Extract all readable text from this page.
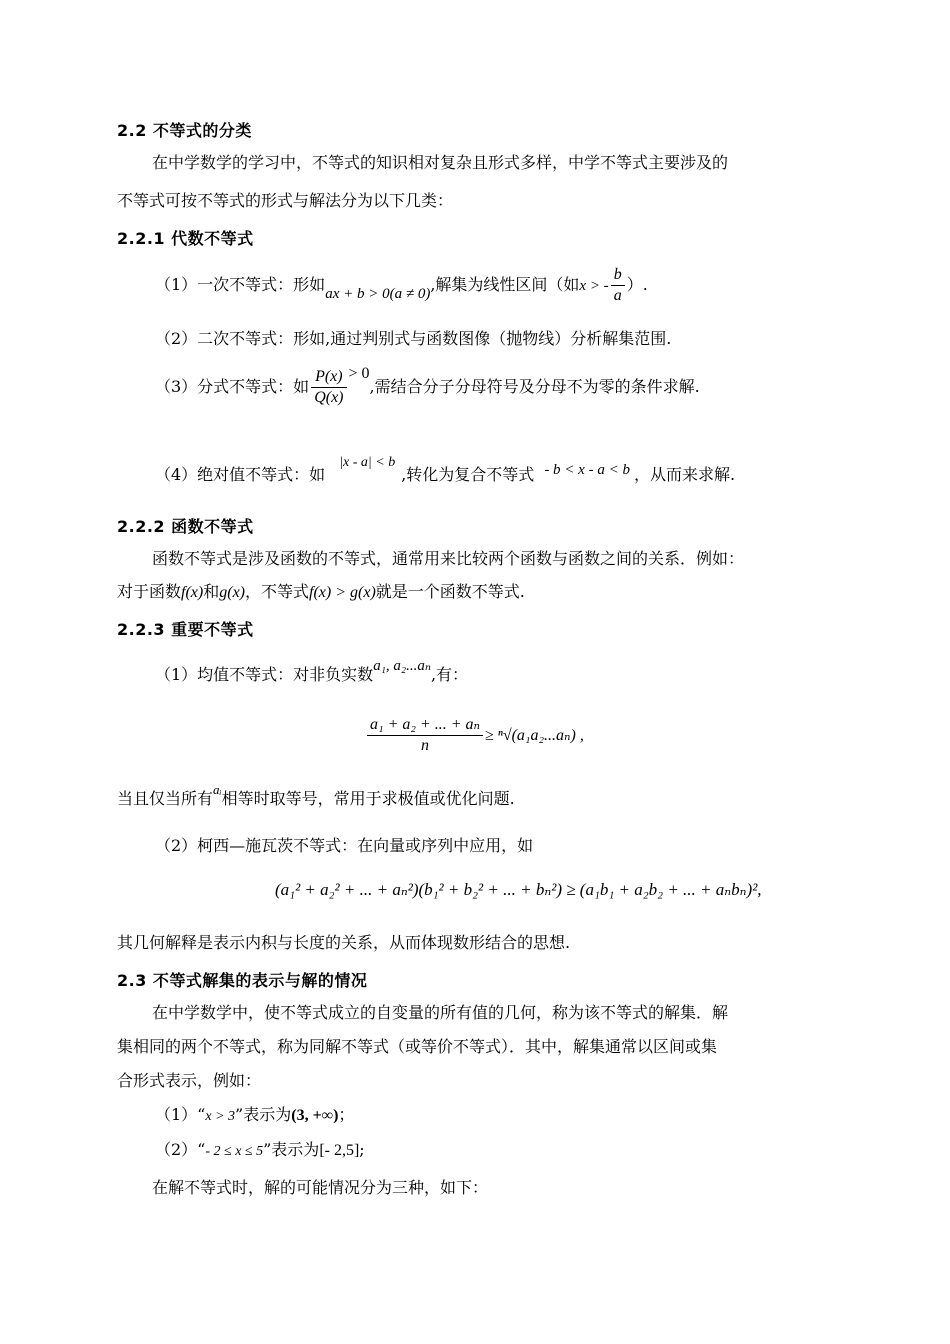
2.2 不等式的分类
在中学数学的学习中，不等式的知识相对复杂且形式多样，中学不等式主要涉及的
不等式可按不等式的形式与解法分为以下几类：
2.2.1 代数不等式
（1）一次不等式：形如ax + b > 0(a ≠ 0),解集为线性区间（如x > - $\frac{b}{a}$ ）.
（2）二次不等式：形如,通过判别式与函数图像（抛物线）分析解集范围.
（3）分式不等式：如 $\frac{P(x)}{Q(x)} > 0$,需结合分子分母符号及分母不为零的条件求解.
（4）绝对值不等式：如|x - a| < b,转化为复合不等式 - b < x - a < b ，从而来求解.
2.2.2 函数不等式
函数不等式是涉及函数的不等式，通常用来比较两个函数与函数之间的关系．例如：
对于函数f(x)和g(x)，不等式f(x) > g(x)就是一个函数不等式.
2.2.3 重要不等式
（1）均值不等式：对非负实数a₁, a₂...aₙ,有：
$\frac{\text{a₁ + a₂ + ... + aₙ}}{n} \ge ^n√(a_1a_2...a_n)$ ,
当且仅当所有$^{aᵢ}$相等时取等号，常用于求极值或优化问题.
（2）柯西—施瓦茨不等式：在向量或序列中应用，如
(a₁² + a₂² + ... + aₙ²)(b₁² + b₂² + ... + bₙ²) ≥ (a₁b₁ + a₂b₂ + ... + aₙbₙ)²,
其几何解释是表示内积与长度的关系，从而体现数形结合的思想.
2.3 不等式解集的表示与解的情况
在中学数学中，使不等式成立的自变量的所有值的几何，称为该不等式的解集．解
集相同的两个不等式，称为同解不等式（或等价不等式）．其中，解集通常以区间或集
合形式表示，例如：
（1）“x > 3”表示为(3, +∞)；
（2）“- 2 ≤ x ≤ 5”表示为[- 2,5];
在解不等式时，解的可能情况分为三种，如下：
